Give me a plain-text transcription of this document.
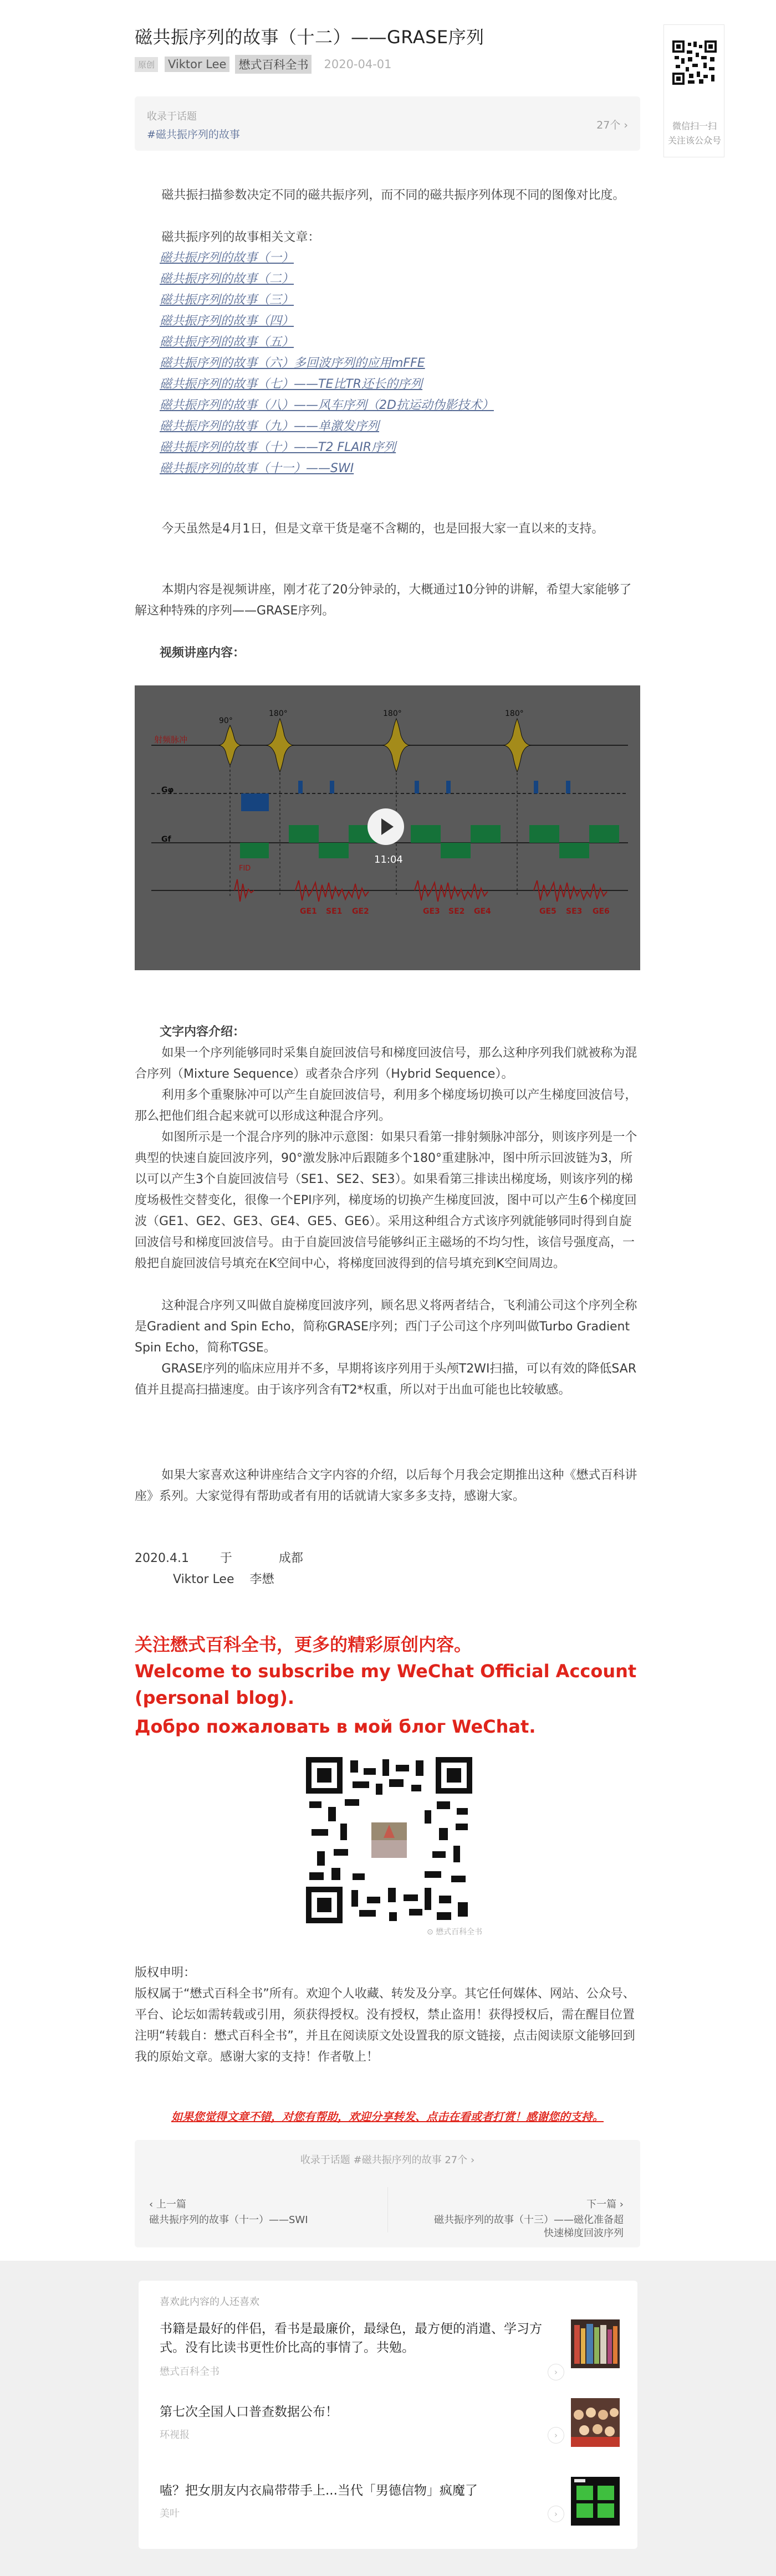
磁共振序列的故事（十二）——GRASE序列
原创 Viktor Lee 懋式百科全书 2020-04-01
微信扫一扫
关注该公众号
收录于话题
#磁共振序列的故事
27个 ›
磁共振扫描参数决定不同的磁共振序列，而不同的磁共振序列体现不同的图像对比度。
磁共振序列的故事相关文章：
磁共振序列的故事（一）
磁共振序列的故事（二）
磁共振序列的故事（三）
磁共振序列的故事（四）
磁共振序列的故事（五）
磁共振序列的故事（六）多回波序列的应用mFFE
磁共振序列的故事（七）——TE比TR还长的序列
磁共振序列的故事（八）——风车序列（2D抗运动伪影技术）
磁共振序列的故事（九）——单激发序列
磁共振序列的故事（十）——T2 FLAIR序列
磁共振序列的故事（十一）——SWI
今天虽然是4月1日，但是文章干货是毫不含糊的，也是回报大家一直以来的支持。
本期内容是视频讲座，刚才花了20分钟录的，大概通过10分钟的讲解，希望大家能够了解这种特殊的序列——GRASE序列。
视频讲座内容：
射频脉冲
Gφ
Gf
FID
90°
180°	180°	180°
GE1 SE1 GE2	GE3 SE2 GE4	GE5 SE3 GE6
11:04
文字内容介绍：
如果一个序列能够同时采集自旋回波信号和梯度回波信号，那么这种序列我们就被称为混合序列（Mixture Sequence）或者杂合序列（Hybrid Sequence）。
利用多个重聚脉冲可以产生自旋回波信号，利用多个梯度场切换可以产生梯度回波信号，那么把他们组合起来就可以形成这种混合序列。
如图所示是一个混合序列的脉冲示意图：如果只看第一排射频脉冲部分，则该序列是一个典型的快速自旋回波序列，90°激发脉冲后跟随多个180°重建脉冲，图中所示回波链为3，所以可以产生3个自旋回波信号（SE1、SE2、SE3）。如果看第三排读出梯度场，则该序列的梯度场极性交替变化，很像一个EPI序列，梯度场的切换产生梯度回波，图中可以产生6个梯度回波（GE1、GE2、GE3、GE4、GE5、GE6）。采用这种组合方式该序列就能够同时得到自旋回波信号和梯度回波信号。由于自旋回波信号能够纠正主磁场的不均匀性，该信号强度高，一般把自旋回波信号填充在K空间中心，将梯度回波得到的信号填充到K空间周边。
这种混合序列又叫做自旋梯度回波序列，顾名思义将两者结合，飞利浦公司这个序列全称是Gradient and Spin Echo，简称GRASE序列；西门子公司这个序列叫做Turbo Gradient Spin Echo，简称TGSE。
GRASE序列的临床应用并不多，早期将该序列用于头颅T2WI扫描，可以有效的降低SAR值并且提高扫描速度。由于该序列含有T2*权重，所以对于出血可能也比较敏感。
如果大家喜欢这种讲座结合文字内容的介绍，以后每个月我会定期推出这种《懋式百科讲座》系列。大家觉得有帮助或者有用的话就请大家多多支持，感谢大家。
2020.4.1        于            成都
Viktor Lee    李懋
关注懋式百科全书，更多的精彩原创内容。
Welcome to subscribe my WeChat Official Account (personal blog).
Добро пожаловать в мой блог WeChat.
⊙ 懋式百科全书
版权申明：
版权属于“懋式百科全书”所有。欢迎个人收藏、转发及分享。其它任何媒体、网站、公众号、平台、论坛如需转载或引用，须获得授权。没有授权，禁止盗用！获得授权后，需在醒目位置注明“转载自：懋式百科全书”，并且在阅读原文处设置我的原文链接，点击阅读原文能够回到我的原始文章。感谢大家的支持！作者敬上！
如果您觉得文章不错，对您有帮助，欢迎分享转发、点击在看或者打赏！感谢您的支持。
收录于话题 #磁共振序列的故事 27个 ›
‹ 上一篇
磁共振序列的故事（十一）——SWI
下一篇 ›
磁共振序列的故事（十三）——磁化准备超
快速梯度回波序列
喜欢此内容的人还喜欢
书籍是最好的伴侣，看书是最廉价，最绿色，最方便的消遣、学习方式。没有比读书更性价比高的事情了。共勉。
懋式百科全书	›
第七次全国人口普查数据公布！
环视报	›
嗑？把女朋友内衣扁带带手上...当代「男德信物」疯魔了
美叶	›
